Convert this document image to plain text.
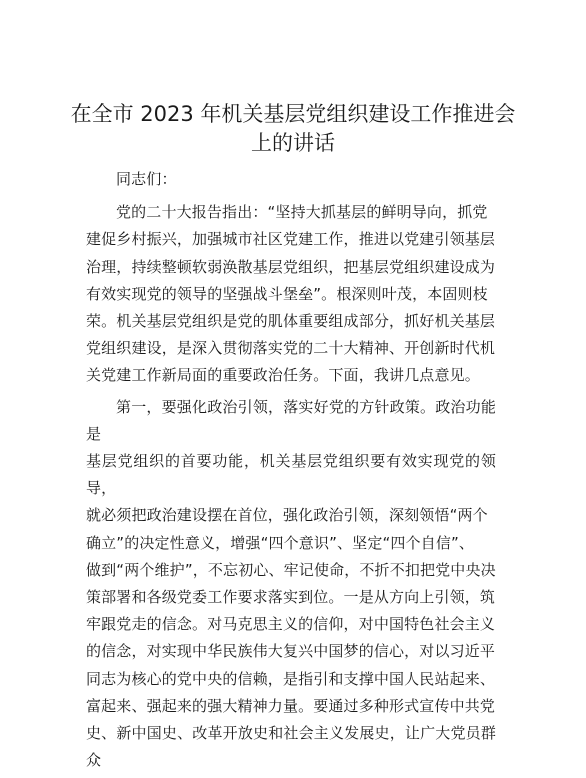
在全市 2023 年机关基层党组织建设工作推进会
上的讲话

同志们：

党的二十大报告指出：“坚持大抓基层的鲜明导向，抓党
建促乡村振兴，加强城市社区党建工作，推进以党建引领基层
治理，持续整顿软弱涣散基层党组织，把基层党组织建设成为
有效实现党的领导的坚强战斗堡垒”。根深则叶茂，本固则枝
荣。机关基层党组织是党的肌体重要组成部分，抓好机关基层
党组织建设，是深入贯彻落实党的二十大精神、开创新时代机
关党建工作新局面的重要政治任务。下面，我讲几点意见。

第一，要强化政治引领，落实好党的方针政策。政治功能是
基层党组织的首要功能，机关基层党组织要有效实现党的领导，
就必须把政治建设摆在首位，强化政治引领，深刻领悟“两个
确立”的决定性意义，增强“四个意识”、坚定“四个自信”、
做到“两个维护”，不忘初心、牢记使命，不折不扣把党中央决
策部署和各级党委工作要求落实到位。一是从方向上引领，筑
牢跟党走的信念。对马克思主义的信仰，对中国特色社会主义
的信念，对实现中华民族伟大复兴中国梦的信心，对以习近平
同志为核心的党中央的信赖，是指引和支撑中国人民站起来、
富起来、强起来的强大精神力量。要通过多种形式宣传中共党
史、新中国史、改革开放史和社会主义发展史，让广大党员群众
